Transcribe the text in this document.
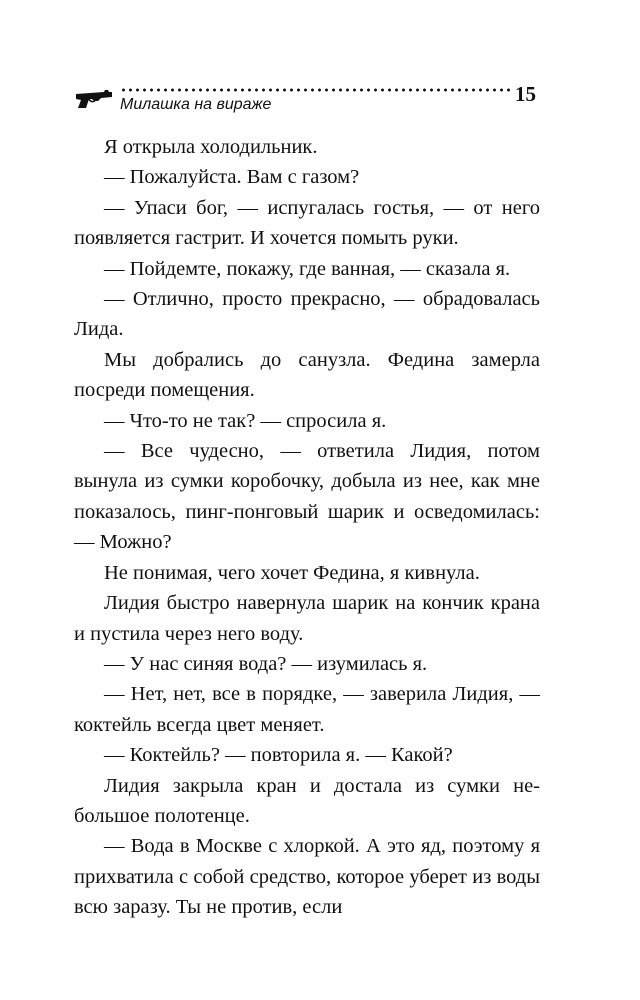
Милашка на вираже	15

Я открыла холодильник.

— Пожалуйста. Вам с газом?

— Упаси бог, — испугалась гостья, — от него появляется гастрит. И хочется помыть руки.

— Пойдемте, покажу, где ванная, — сказала я.

— Отлично, просто прекрасно, — обрадовалась Лида.

Мы добрались до санузла. Федина замерла посреди помещения.

— Что-то не так? — спросила я.

— Все чудесно, — ответила Лидия, потом вынула из сумки коробочку, добыла из нее, как мне показалось, пинг-понговый шарик и осведомилась: — Можно?

Не понимая, чего хочет Федина, я кивнула.

Лидия быстро навернула шарик на кончик крана и пустила через него воду.

— У нас синяя вода? — изумилась я.

— Нет, нет, все в порядке, — заверила Лидия, — коктейль всегда цвет меняет.

— Коктейль? — повторила я. — Какой?

Лидия закрыла кран и достала из сумки небольшое полотенце.

— Вода в Москве с хлоркой. А это яд, поэтому я прихватила с собой средство, которое уберет из воды всю заразу. Ты не против, если
